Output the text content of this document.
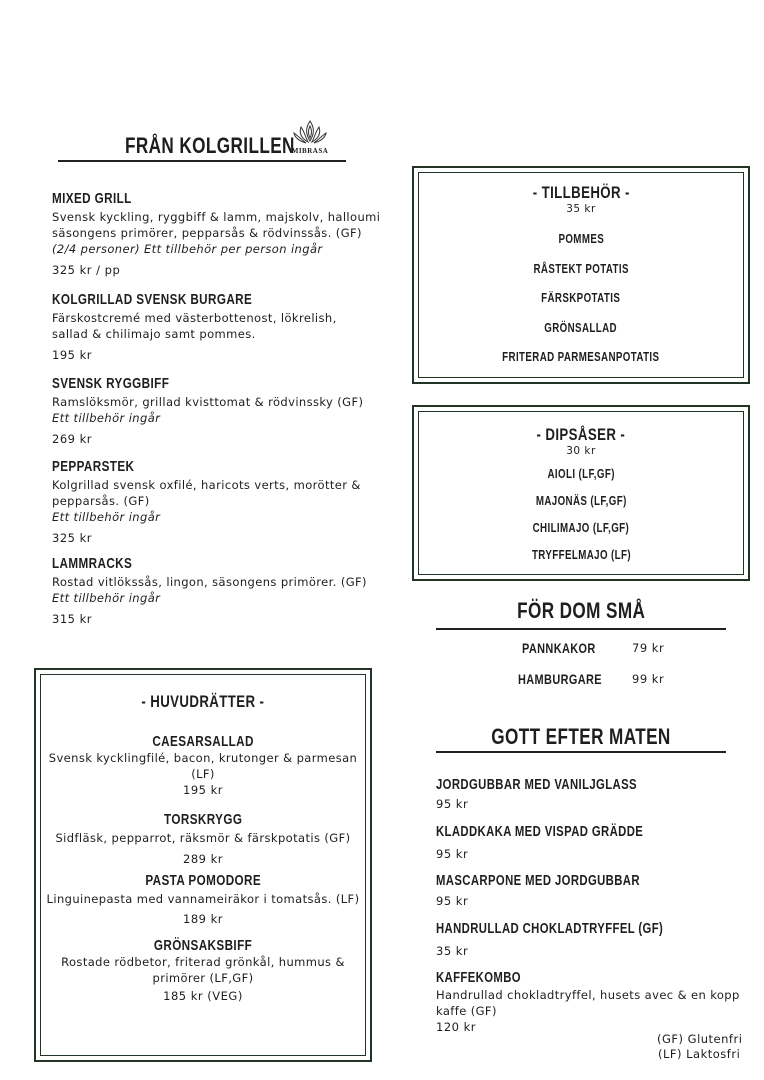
FRÅN KOLGRILLEN
MIBRASA
MIXED GRILL
Svensk kyckling, ryggbiff & lamm, majskolv, halloumi säsongens primörer, pepparsås & rödvinssås. (GF)
(2/4 personer) Ett tillbehör per person ingår
325 kr / pp
KOLGRILLAD SVENSK BURGARE
Färskostcremé med västerbottenost, lökrelish, sallad & chilimajo samt pommes.
195 kr
SVENSK RYGGBIFF
Ramslöksmör, grillad kvisttomat & rödvinssky (GF)
Ett tillbehör ingår
269 kr
PEPPARSTEK
Kolgrillad svensk oxfilé, haricots verts, morötter & pepparsås. (GF)
Ett tillbehör ingår
325 kr
LAMMRACKS
Rostad vitlökssås, lingon, säsongens primörer. (GF)
Ett tillbehör ingår
315 kr
- TILLBEHÖR -
35 kr
POMMES
RÅSTEKT POTATIS
FÄRSKPOTATIS
GRÖNSALLAD
FRITERAD PARMESANPOTATIS
- DIPSÅSER -
30 kr
AIOLI (LF,GF)
MAJONÄS (LF,GF)
CHILIMAJO (LF,GF)
TRYFFELMAJO (LF)
FÖR DOM SMÅ
PANNKAKOR	79 kr
HAMBURGARE	99 kr
- HUVUDRÄTTER -
CAESARSALLAD
Svensk kycklingfilé, bacon, krutonger & parmesan (LF)
195 kr
TORSKRYGG
Sidfläsk, pepparrot, räksmör & färskpotatis (GF)
289 kr
PASTA POMODORE
Linguinepasta med vannameiräkor i tomatsås. (LF)
189 kr
GRÖNSAKSBIFF
Rostade rödbetor, friterad grönkål, hummus & primörer (LF,GF)
185 kr (VEG)
GOTT EFTER MATEN
JORDGUBBAR MED VANILJGLASS
95 kr
KLADDKAKA MED VISPAD GRÄDDE
95 kr
MASCARPONE MED JORDGUBBAR
95 kr
HANDRULLAD CHOKLADTRYFFEL (GF)
35 kr
KAFFEKOMBO
Handrullad chokladtryffel, husets avec & en kopp kaffe (GF)
120 kr
(GF) Glutenfri
(LF) Laktosfri
